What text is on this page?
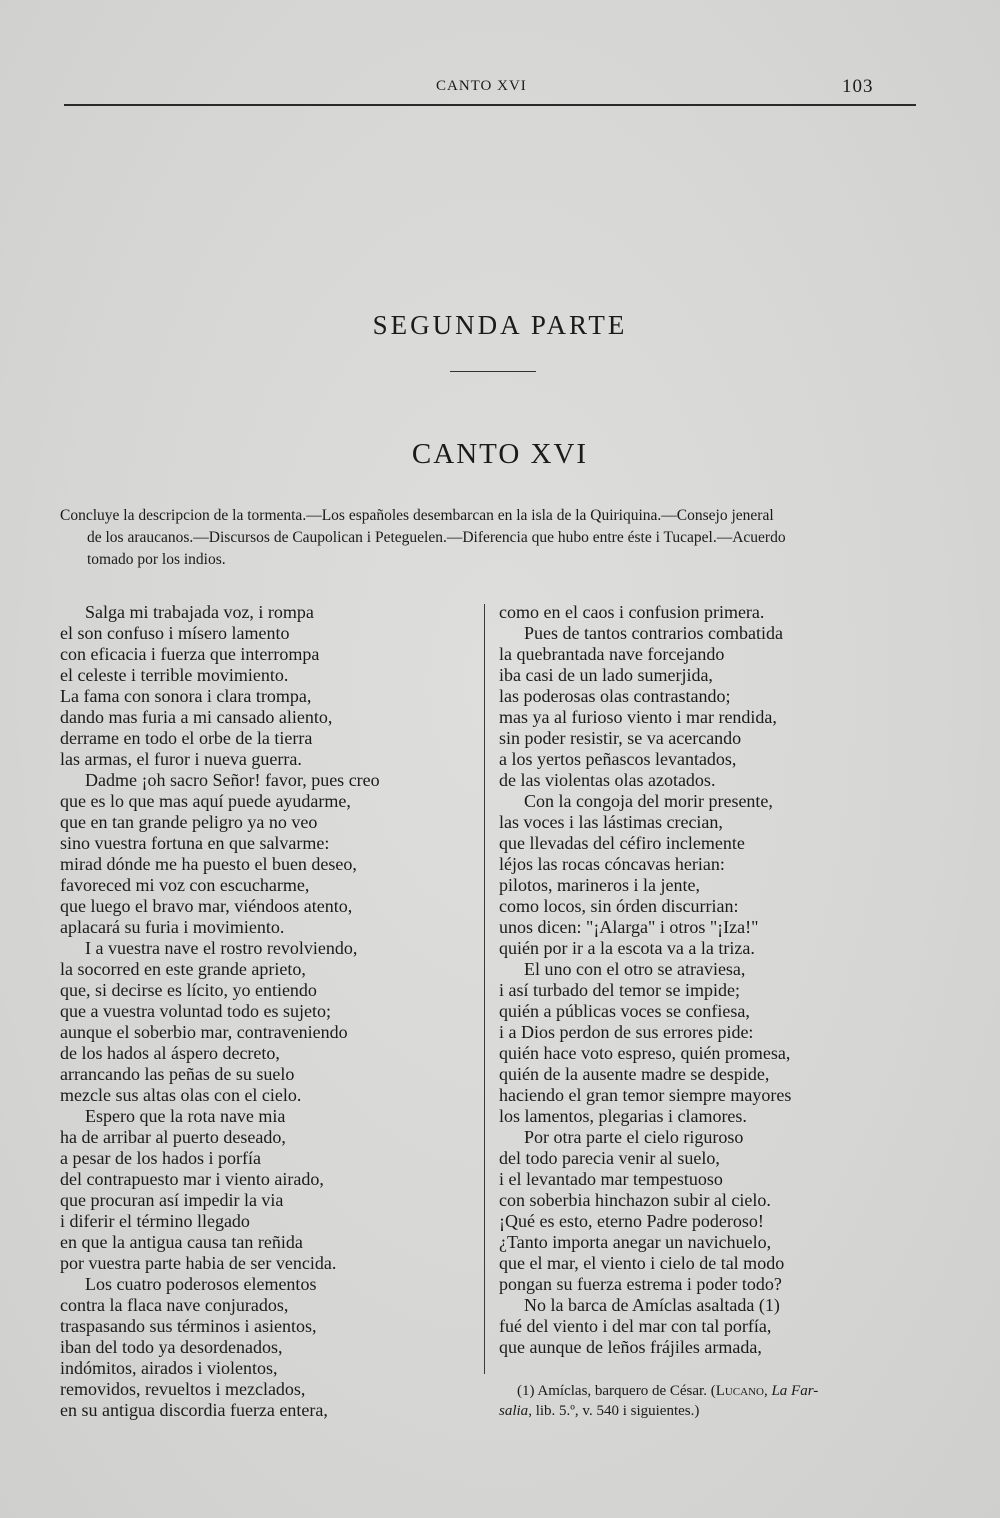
CANTO XVI	103
SEGUNDA PARTE
CANTO XVI
Concluye la descripcion de la tormenta.—Los españoles desembarcan en la isla de la Quiriquina.—Consejo jeneral
de los araucanos.—Discursos de Caupolican i Peteguelen.—Diferencia que hubo entre éste i Tucapel.—Acuerdo
tomado por los indios.
Salga mi trabajada voz, i rompa
el son confuso i mísero lamento
con eficacia i fuerza que interrompa
el celeste i terrible movimiento.
La fama con sonora i clara trompa,
dando mas furia a mi cansado aliento,
derrame en todo el orbe de la tierra
las armas, el furor i nueva guerra.
Dadme ¡oh sacro Señor! favor, pues creo
que es lo que mas aquí puede ayudarme,
que en tan grande peligro ya no veo
sino vuestra fortuna en que salvarme:
mirad dónde me ha puesto el buen deseo,
favoreced mi voz con escucharme,
que luego el bravo mar, viéndoos atento,
aplacará su furia i movimiento.
I a vuestra nave el rostro revolviendo,
la socorred en este grande aprieto,
que, si decirse es lícito, yo entiendo
que a vuestra voluntad todo es sujeto;
aunque el soberbio mar, contraveniendo
de los hados al áspero decreto,
arrancando las peñas de su suelo
mezcle sus altas olas con el cielo.
Espero que la rota nave mia
ha de arribar al puerto deseado,
a pesar de los hados i porfía
del contrapuesto mar i viento airado,
que procuran así impedir la via
i diferir el término llegado
en que la antigua causa tan reñida
por vuestra parte habia de ser vencida.
Los cuatro poderosos elementos
contra la flaca nave conjurados,
traspasando sus términos i asientos,
iban del todo ya desordenados,
indómitos, airados i violentos,
removidos, revueltos i mezclados,
en su antigua discordia fuerza entera,
como en el caos i confusion primera.
Pues de tantos contrarios combatida
la quebrantada nave forcejando
iba casi de un lado sumerjida,
las poderosas olas contrastando;
mas ya al furioso viento i mar rendida,
sin poder resistir, se va acercando
a los yertos peñascos levantados,
de las violentas olas azotados.
Con la congoja del morir presente,
las voces i las lástimas crecian,
que llevadas del céfiro inclemente
léjos las rocas cóncavas herian:
pilotos, marineros i la jente,
como locos, sin órden discurrian:
unos dicen: "¡Alarga" i otros "¡Iza!"
quién por ir a la escota va a la triza.
El uno con el otro se atraviesa,
i así turbado del temor se impide;
quién a públicas voces se confiesa,
i a Dios perdon de sus errores pide:
quién hace voto espreso, quién promesa,
quién de la ausente madre se despide,
haciendo el gran temor siempre mayores
los lamentos, plegarias i clamores.
Por otra parte el cielo riguroso
del todo parecia venir al suelo,
i el levantado mar tempestuoso
con soberbia hinchazon subir al cielo.
¡Qué es esto, eterno Padre poderoso!
¿Tanto importa anegar un navichuelo,
que el mar, el viento i cielo de tal modo
pongan su fuerza estrema i poder todo?
No la barca de Amíclas asaltada (1)
fué del viento i del mar con tal porfía,
que aunque de leños frájiles armada,
(1) Amíclas, barquero de César. (Lucano, La Far-
salia, lib. 5.º, v. 540 i siguientes.)
